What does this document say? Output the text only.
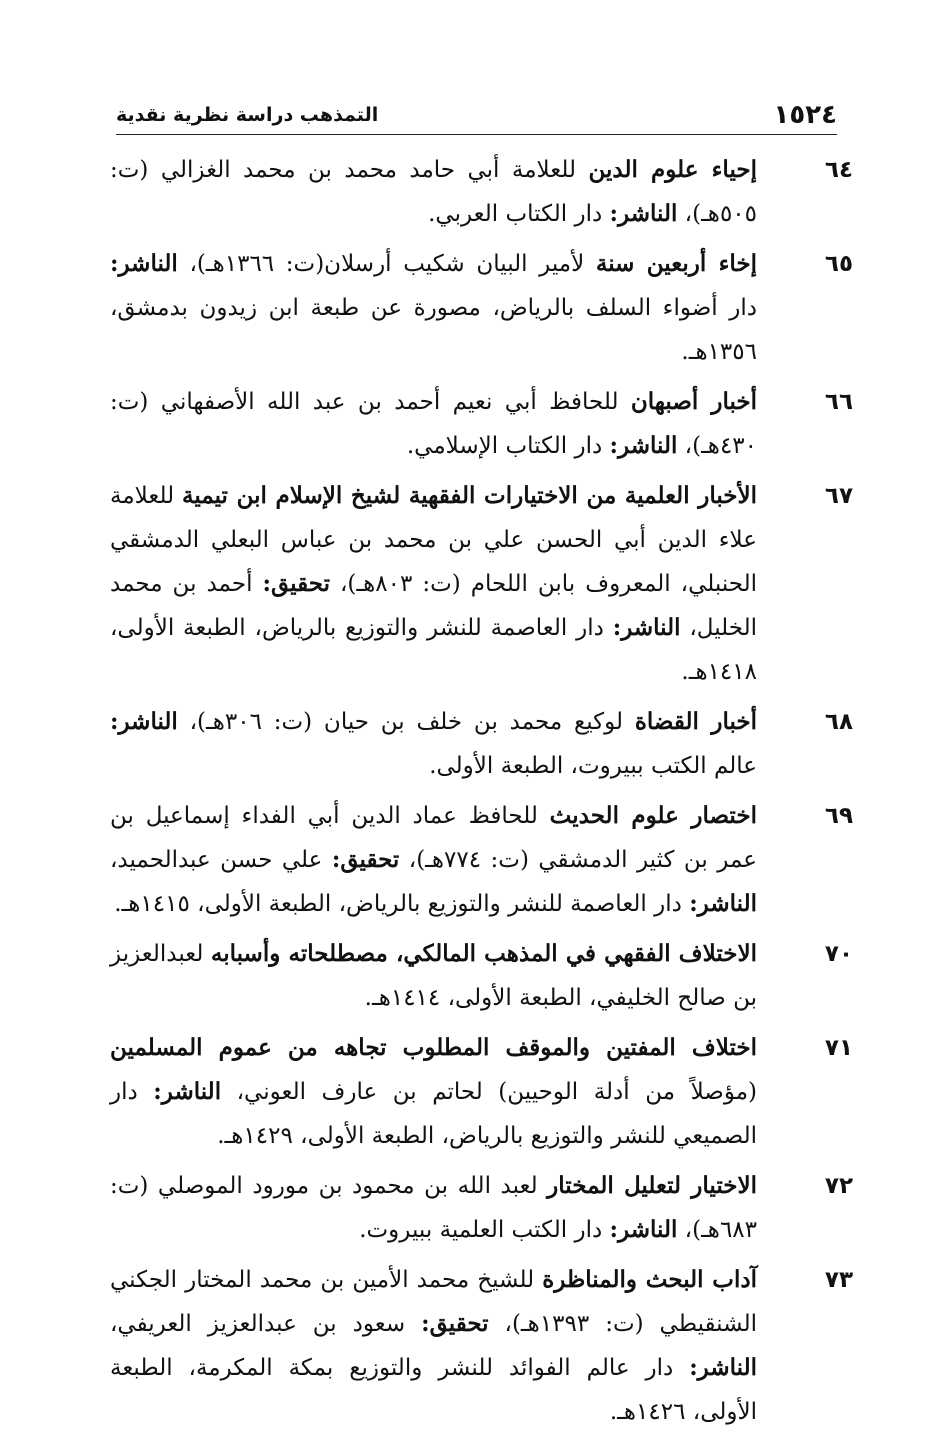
١٥٢٤
التمذهب دراسة نظرية نقدية
٦٤
إحياء علوم الدين للعلامة أبي حامد محمد بن محمد الغزالي (ت: ٥٠٥هـ)، الناشر: دار الكتاب العربي.
٦٥
إخاء أربعين سنة لأمير البيان شكيب أرسلان(ت: ١٣٦٦هـ)، الناشر: دار أضواء السلف بالرياض، مصورة عن طبعة ابن زيدون بدمشق، ١٣٥٦هـ.
٦٦
أخبار أصبهان للحافظ أبي نعيم أحمد بن عبد الله الأصفهاني (ت: ٤٣٠هـ)، الناشر: دار الكتاب الإسلامي.
٦٧
الأخبار العلمية من الاختيارات الفقهية لشيخ الإسلام ابن تيمية للعلامة علاء الدين أبي الحسن علي بن محمد بن عباس البعلي الدمشقي الحنبلي، المعروف بابن اللحام (ت: ٨٠٣هـ)، تحقيق: أحمد بن محمد الخليل، الناشر: دار العاصمة للنشر والتوزيع بالرياض، الطبعة الأولى، ١٤١٨هـ.
٦٨
أخبار القضاة لوكيع محمد بن خلف بن حيان (ت: ٣٠٦هـ)، الناشر: عالم الكتب ببيروت، الطبعة الأولى.
٦٩
اختصار علوم الحديث للحافظ عماد الدين أبي الفداء إسماعيل بن عمر بن كثير الدمشقي (ت: ٧٧٤هـ)، تحقيق: علي حسن عبدالحميد، الناشر: دار العاصمة للنشر والتوزيع بالرياض، الطبعة الأولى، ١٤١٥هـ.
٧٠
الاختلاف الفقهي في المذهب المالكي، مصطلحاته وأسبابه لعبدالعزيز بن صالح الخليفي، الطبعة الأولى، ١٤١٤هـ.
٧١
اختلاف المفتين والموقف المطلوب تجاهه من عموم المسلمين (مؤصلاً من أدلة الوحيين) لحاتم بن عارف العوني، الناشر: دار الصميعي للنشر والتوزيع بالرياض، الطبعة الأولى، ١٤٢٩هـ.
٧٢
الاختيار لتعليل المختار لعبد الله بن محمود بن مورود الموصلي (ت: ٦٨٣هـ)، الناشر: دار الكتب العلمية ببيروت.
٧٣
آداب البحث والمناظرة للشيخ محمد الأمين بن محمد المختار الجكني الشنقيطي (ت: ١٣٩٣هـ)، تحقيق: سعود بن عبدالعزيز العريفي، الناشر: دار عالم الفوائد للنشر والتوزيع بمكة المكرمة، الطبعة الأولى، ١٤٢٦هـ.
